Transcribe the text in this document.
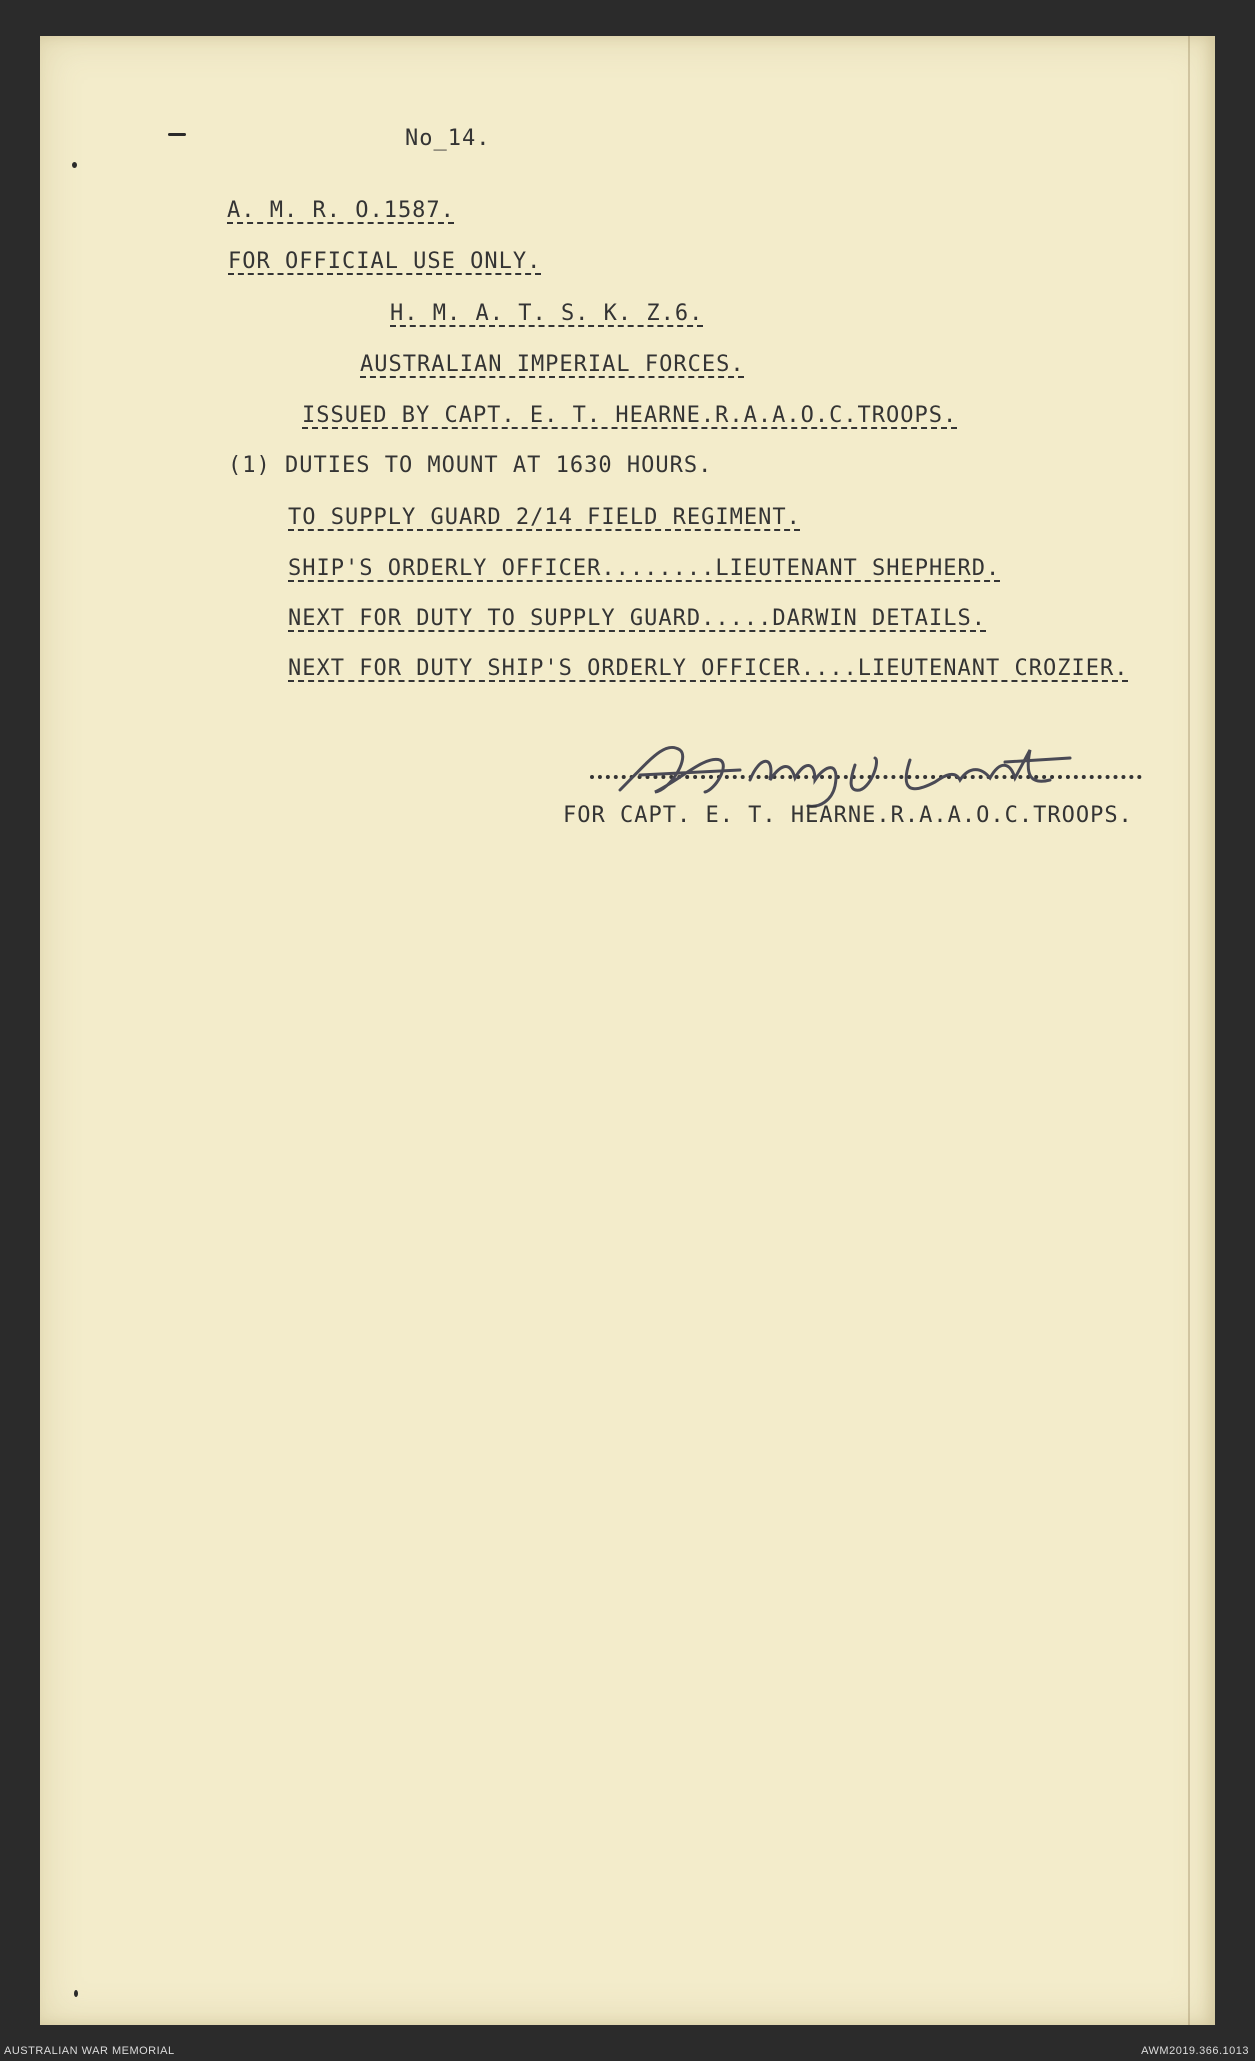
No_14.

A. M. R. O.1587.

FOR OFFICIAL USE ONLY.

H. M. A. T. S. K. Z.6.

AUSTRALIAN IMPERIAL FORCES.

ISSUED BY CAPT. E. T. HEARNE.R.A.A.O.C.TROOPS.

(1) DUTIES TO MOUNT AT 1630 HOURS.

TO SUPPLY GUARD 2/14 FIELD REGIMENT.

SHIP'S ORDERLY OFFICER........LIEUTENANT SHEPHERD.

NEXT FOR DUTY TO SUPPLY GUARD.....DARWIN DETAILS.

NEXT FOR DUTY SHIP'S ORDERLY OFFICER....LIEUTENANT CROZIER.

FOR CAPT. E. T. HEARNE.R.A.A.O.C.TROOPS.

AUSTRALIAN WAR MEMORIAL	AWM2019.366.1013
